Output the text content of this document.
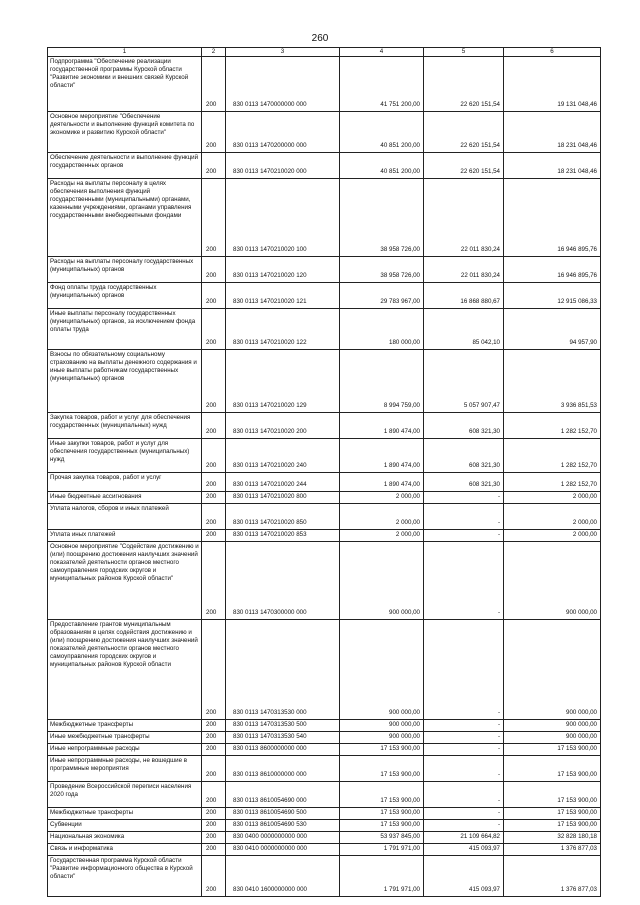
260
1	2	3	4	5	6
Подпрограмма "Обеспечение реализации государственной программы Курской области "Развитие экономики и внешних связей Курской области"	200	830 0113 1470000000 000	41 751 200,00	22 620 151,54	19 131 048,46
Основное мероприятие "Обеспечение деятельности и выполнение функций комитета по экономике и развитию Курской области"	200	830 0113 1470200000 000	40 851 200,00	22 620 151,54	18 231 048,46
Обеспечение деятельности и выполнение функций государственных органов	200	830 0113 1470210020 000	40 851 200,00	22 620 151,54	18 231 048,46
Расходы на выплаты персоналу в целях обеспечения выполнения функций государственными (муниципальными) органами, казенными учреждениями, органами управления государственными внебюджетными фондами	200	830 0113 1470210020 100	38 958 726,00	22 011 830,24	16 946 895,76
Расходы на выплаты персоналу государственных (муниципальных) органов	200	830 0113 1470210020 120	38 958 726,00	22 011 830,24	16 946 895,76
Фонд оплаты труда государственных (муниципальных) органов	200	830 0113 1470210020 121	29 783 967,00	16 868 880,67	12 915 086,33
Иные выплаты персоналу государственных (муниципальных) органов, за исключением фонда оплаты труда	200	830 0113 1470210020 122	180 000,00	85 042,10	94 957,90
Взносы по обязательному социальному страхованию на выплаты денежного содержания и иные выплаты работникам государственных (муниципальных) органов	200	830 0113 1470210020 129	8 994 759,00	5 057 907,47	3 936 851,53
Закупка товаров, работ и услуг для обеспечения государственных (муниципальных) нужд	200	830 0113 1470210020 200	1 890 474,00	608 321,30	1 282 152,70
Иные закупки товаров, работ и услуг для обеспечения государственных (муниципальных) нужд	200	830 0113 1470210020 240	1 890 474,00	608 321,30	1 282 152,70
Прочая закупка товаров, работ и услуг	200	830 0113 1470210020 244	1 890 474,00	608 321,30	1 282 152,70
Иные бюджетные ассигнования	200	830 0113 1470210020 800	2 000,00	-	2 000,00
Уплата налогов, сборов и иных платежей	200	830 0113 1470210020 850	2 000,00	-	2 000,00
Уплата иных платежей	200	830 0113 1470210020 853	2 000,00	-	2 000,00
Основное мероприятие "Содействие достижению и (или) поощрению достижения наилучших значений показателей деятельности органов местного самоуправления городских округов и муниципальных районов Курской области"	200	830 0113 1470300000 000	900 000,00	-	900 000,00
Предоставление грантов муниципальным образованиям в целях содействия достижению и (или) поощрению достижения наилучших значений показателей деятельности органов местного самоуправления городских округов и муниципальных районов Курской области	200	830 0113 1470313530 000	900 000,00	-	900 000,00
Межбюджетные трансферты	200	830 0113 1470313530 500	900 000,00	-	900 000,00
Иные межбюджетные трансферты	200	830 0113 1470313530 540	900 000,00	-	900 000,00
Иные непрограммные расходы	200	830 0113 8600000000 000	17 153 900,00	-	17 153 900,00
Иные непрограммные расходы, не вошедшие в программные мероприятия	200	830 0113 8610000000 000	17 153 900,00	-	17 153 900,00
Проведение Всероссийской переписи населения 2020 года	200	830 0113 8610054690 000	17 153 900,00	-	17 153 900,00
Межбюджетные трансферты	200	830 0113 8610054690 500	17 153 900,00	-	17 153 900,00
Субвенции	200	830 0113 8610054690 530	17 153 900,00	-	17 153 900,00
Национальная экономика	200	830 0400 0000000000 000	53 937 845,00	21 109 664,82	32 828 180,18
Связь и информатика	200	830 0410 0000000000 000	1 791 971,00	415 093,97	1 376 877,03
Государственная программа Курской области "Развитие информационного общества в Курской области"	200	830 0410 1600000000 000	1 791 971,00	415 093,97	1 376 877,03
